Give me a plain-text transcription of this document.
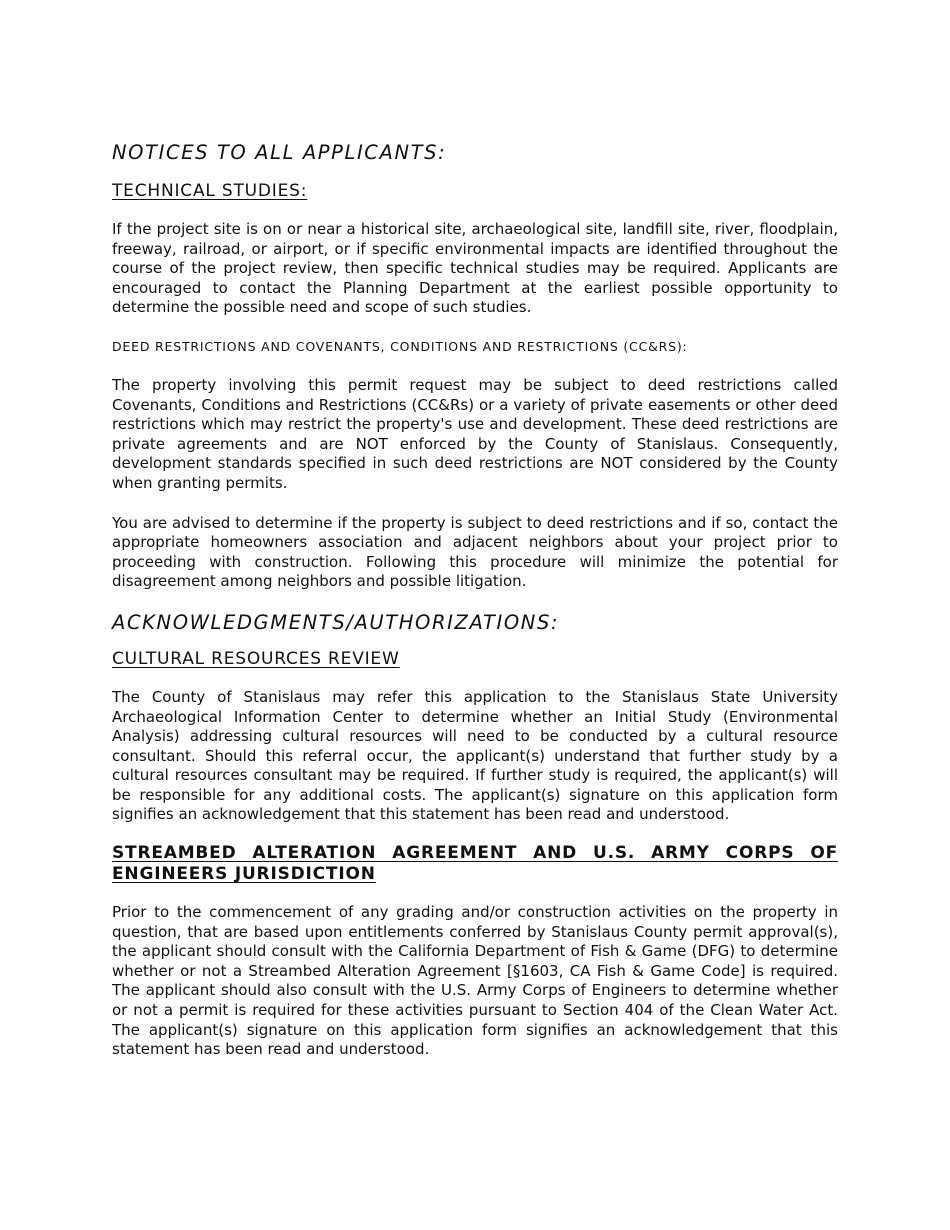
NOTICES TO ALL APPLICANTS:
TECHNICAL STUDIES:

If the project site is on or near a historical site, archaeological site, landfill site, river, floodplain, freeway, railroad, or airport, or if specific environmental impacts are identified throughout the course of the project review, then specific technical studies may be required. Applicants are encouraged to contact the Planning Department at the earliest possible opportunity to determine the possible need and scope of such studies.

DEED RESTRICTIONS AND COVENANTS, CONDITIONS AND RESTRICTIONS (CC&RS):

The property involving this permit request may be subject to deed restrictions called Covenants, Conditions and Restrictions (CC&Rs) or a variety of private easements or other deed restrictions which may restrict the property's use and development. These deed restrictions are private agreements and are NOT enforced by the County of Stanislaus. Consequently, development standards specified in such deed restrictions are NOT considered by the County when granting permits.

You are advised to determine if the property is subject to deed restrictions and if so, contact the appropriate homeowners association and adjacent neighbors about your project prior to proceeding with construction. Following this procedure will minimize the potential for disagreement among neighbors and possible litigation.

ACKNOWLEDGMENTS/AUTHORIZATIONS:
CULTURAL RESOURCES REVIEW

The County of Stanislaus may refer this application to the Stanislaus State University Archaeological Information Center to determine whether an Initial Study (Environmental Analysis) addressing cultural resources will need to be conducted by a cultural resource consultant. Should this referral occur, the applicant(s) understand that further study by a cultural resources consultant may be required. If further study is required, the applicant(s) will be responsible for any additional costs. The applicant(s) signature on this application form signifies an acknowledgement that this statement has been read and understood.

STREAMBED ALTERATION AGREEMENT AND U.S. ARMY CORPS OF ENGINEERS JURISDICTION

Prior to the commencement of any grading and/or construction activities on the property in question, that are based upon entitlements conferred by Stanislaus County permit approval(s), the applicant should consult with the California Department of Fish & Game (DFG) to determine whether or not a Streambed Alteration Agreement [§1603, CA Fish & Game Code] is required. The applicant should also consult with the U.S. Army Corps of Engineers to determine whether or not a permit is required for these activities pursuant to Section 404 of the Clean Water Act. The applicant(s) signature on this application form signifies an acknowledgement that this statement has been read and understood.
